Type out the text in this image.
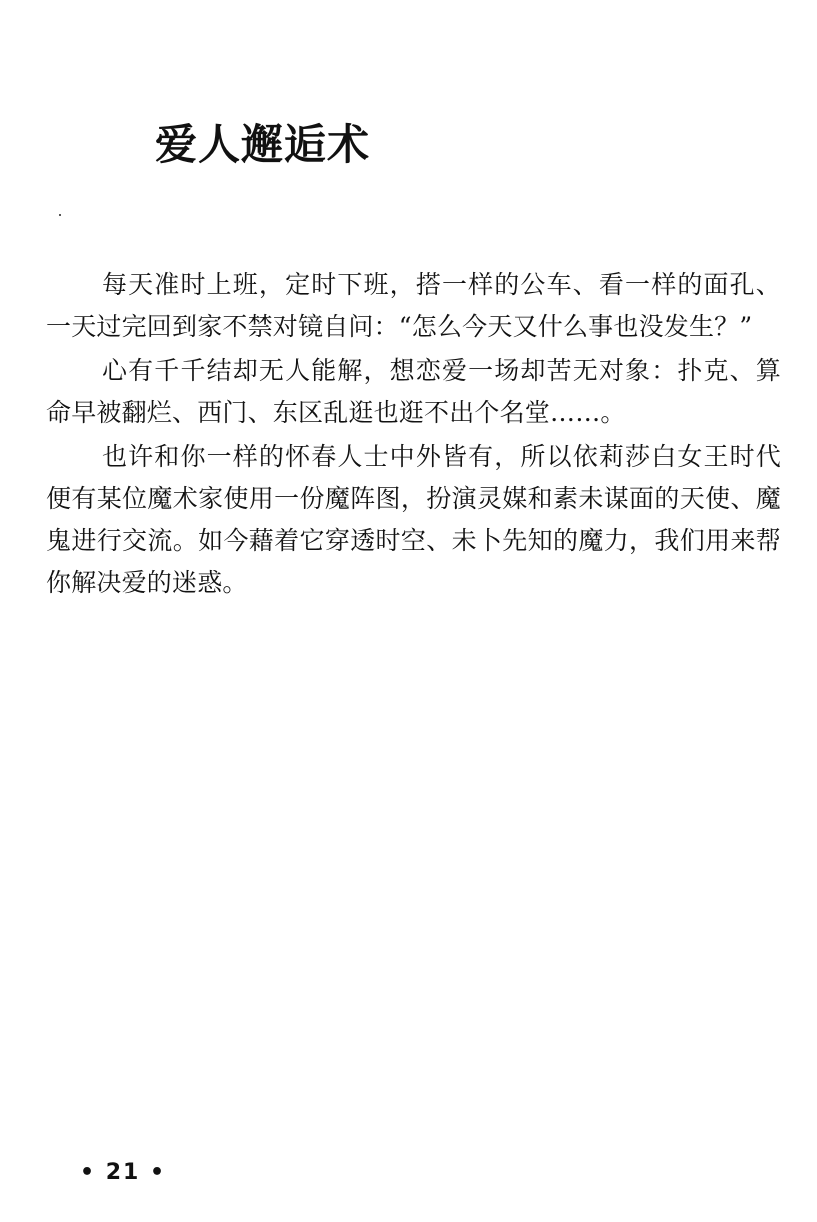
爱人邂逅术

每天准时上班，定时下班，搭一样的公车、看一样的面孔、一天过完回到家不禁对镜自问：“怎么今天又什么事也没发生？”

心有千千结却无人能解，想恋爱一场却苦无对象：扑克、算命早被翻烂、西门、东区乱逛也逛不出个名堂……。

也许和你一样的怀春人士中外皆有，所以依莉莎白女王时代便有某位魔术家使用一份魔阵图，扮演灵媒和素未谋面的天使、魔鬼进行交流。如今藉着它穿透时空、未卜先知的魔力，我们用来帮你解决爱的迷惑。

• 21 •
